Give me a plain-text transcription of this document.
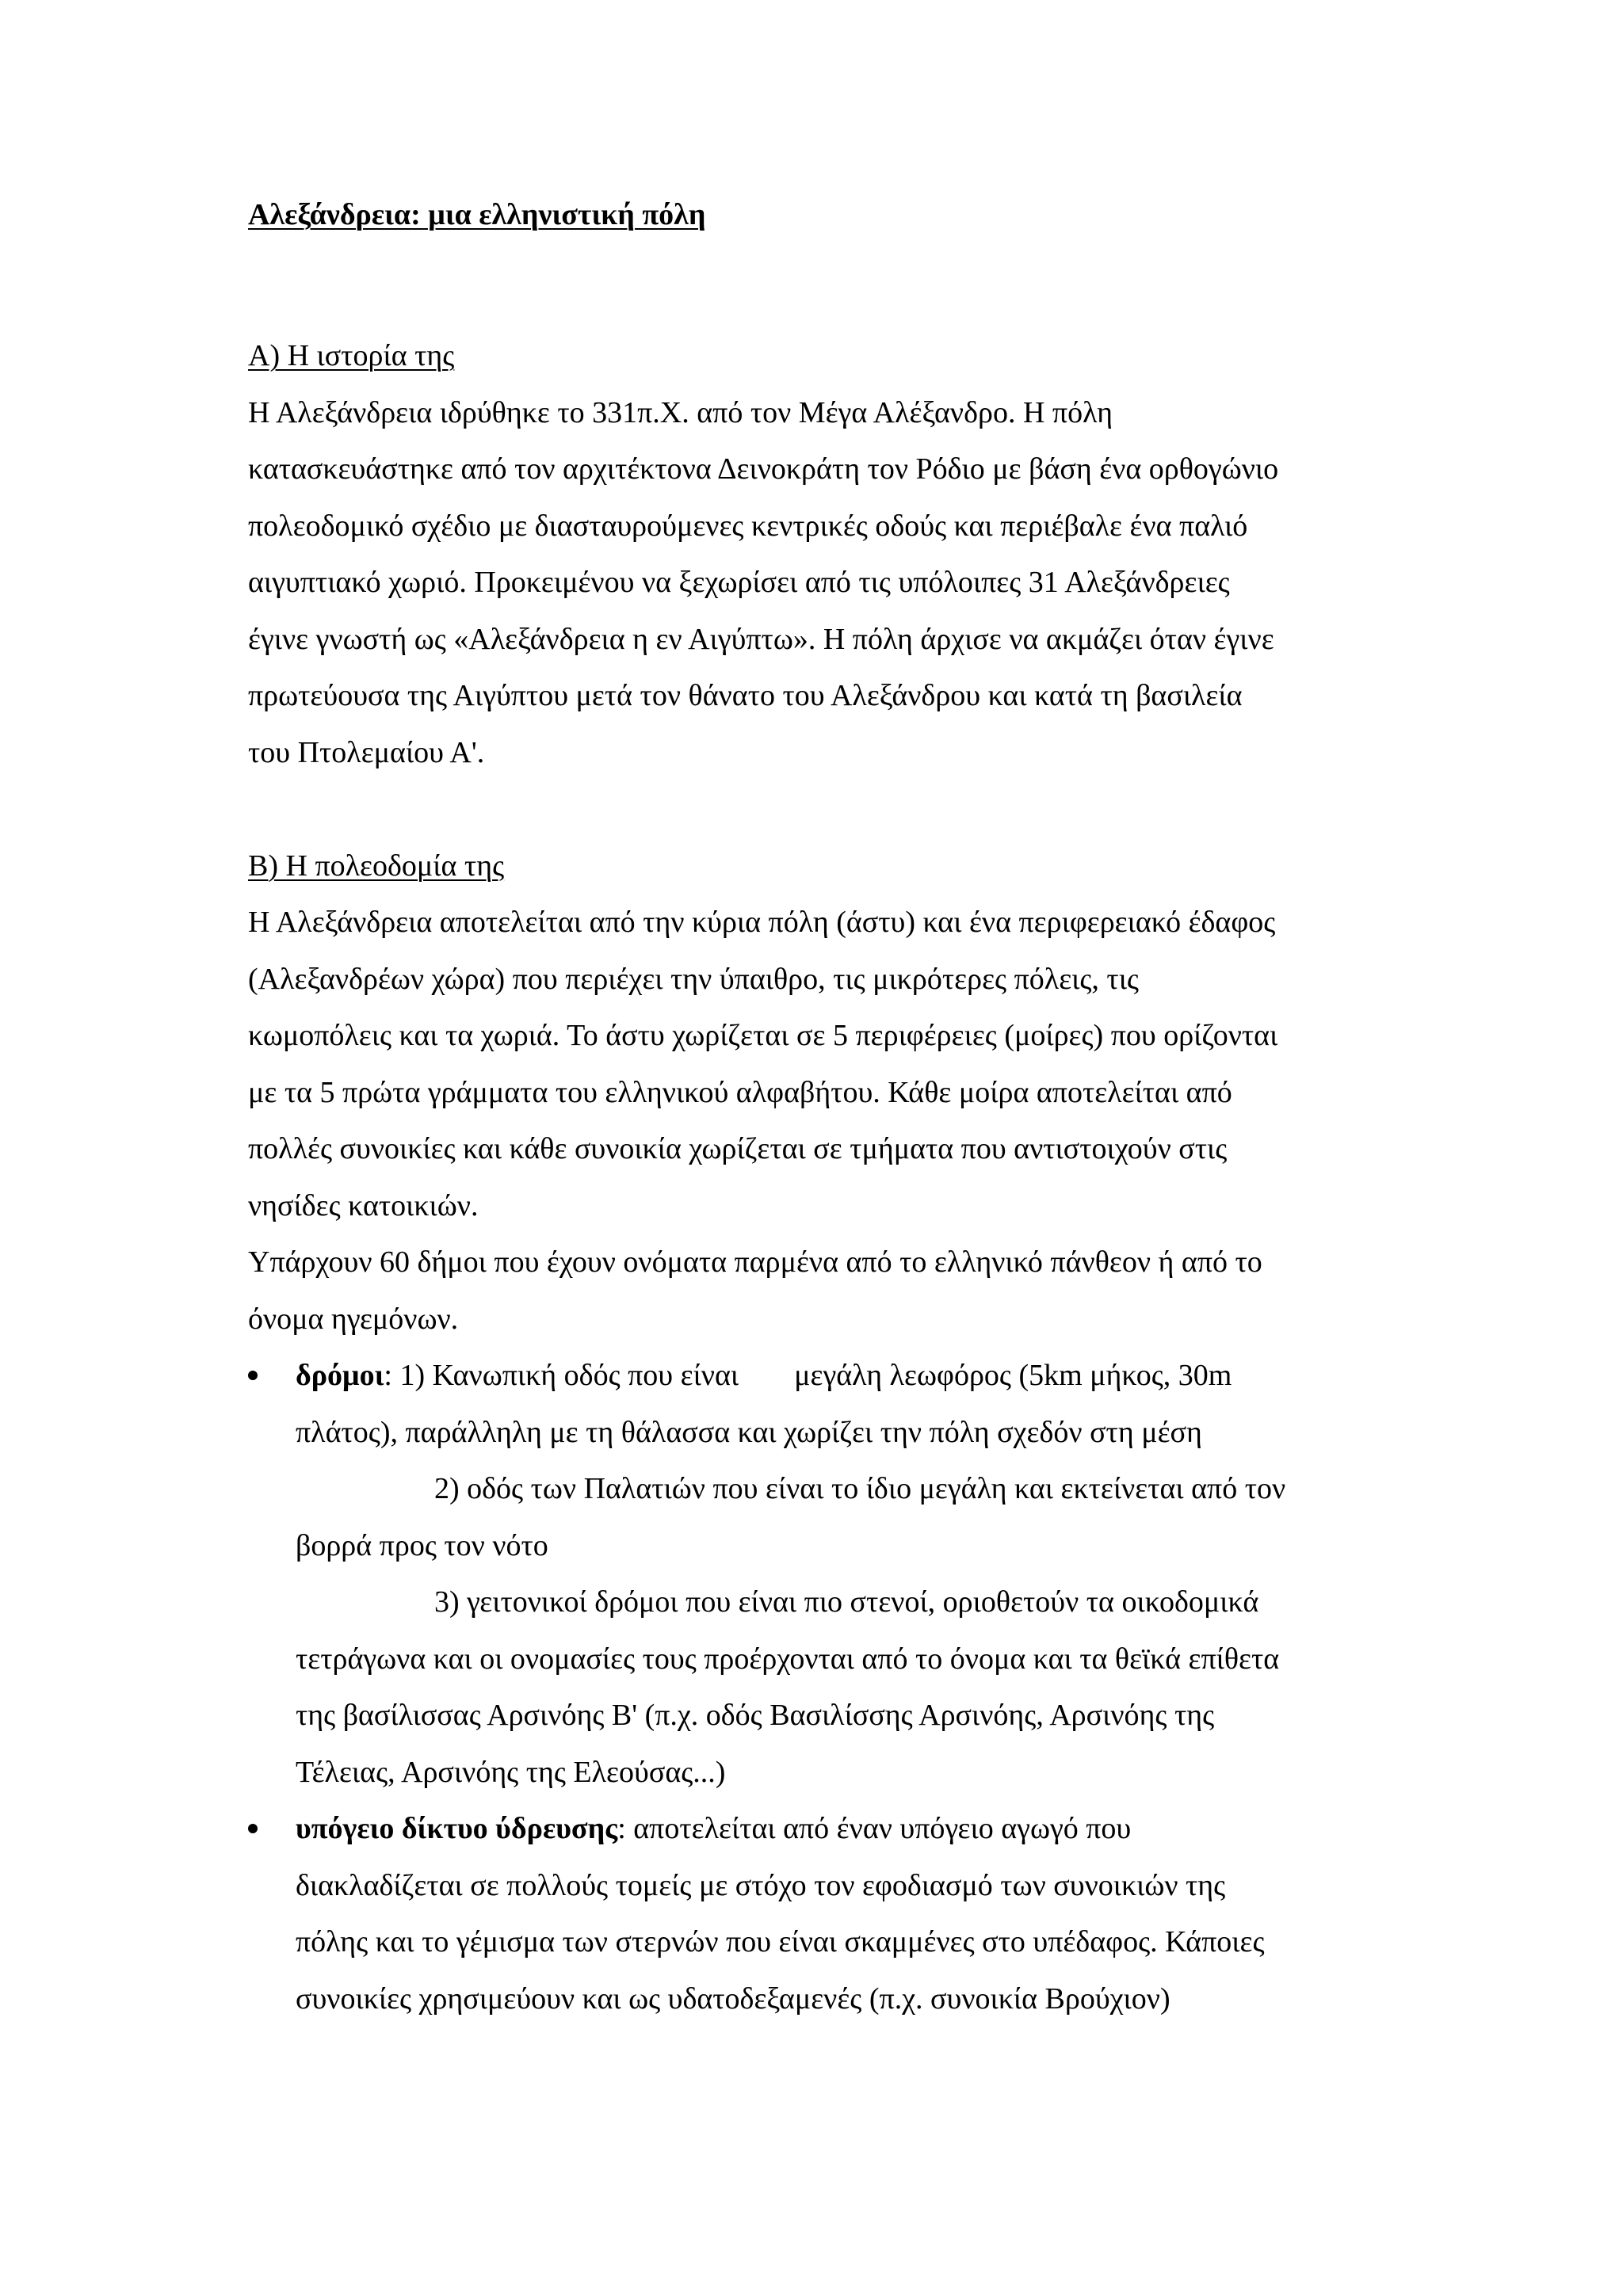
Αλεξάνδρεια: μια ελληνιστική πόλη
Α) Η ιστορία της
Η Αλεξάνδρεια ιδρύθηκε το 331π.Χ. από τον Μέγα Αλέξανδρο. Η πόλη
κατασκευάστηκε από τον αρχιτέκτονα Δεινοκράτη τον Ρόδιο με βάση ένα ορθογώνιο
πολεοδομικό σχέδιο με διασταυρούμενες κεντρικές οδούς και περιέβαλε ένα παλιό
αιγυπτιακό χωριό. Προκειμένου να ξεχωρίσει από τις υπόλοιπες 31 Αλεξάνδρειες
έγινε γνωστή ως «Αλεξάνδρεια η εν Αιγύπτω». Η πόλη άρχισε να ακμάζει όταν έγινε
πρωτεύουσα της Αιγύπτου μετά τον θάνατο του Αλεξάνδρου και κατά τη βασιλεία
του Πτολεμαίου Α'.
Β) Η πολεοδομία της
Η Αλεξάνδρεια αποτελείται από την κύρια πόλη (άστυ) και ένα περιφερειακό έδαφος
(Αλεξανδρέων χώρα) που περιέχει την ύπαιθρο, τις μικρότερες πόλεις, τις
κωμοπόλεις και τα χωριά. Το άστυ χωρίζεται σε 5 περιφέρειες (μοίρες) που ορίζονται
με τα 5 πρώτα γράμματα του ελληνικού αλφαβήτου. Κάθε μοίρα αποτελείται από
πολλές συνοικίες και κάθε συνοικία χωρίζεται σε τμήματα που αντιστοιχούν στις
νησίδες κατοικιών.
Υπάρχουν 60 δήμοι που έχουν ονόματα παρμένα από το ελληνικό πάνθεον ή από το
όνομα ηγεμόνων.
δρόμοι: 1) Κανωπική οδός που είναι μεγάλη λεωφόρος (5km μήκος, 30m
πλάτος), παράλληλη με τη θάλασσα και χωρίζει την πόλη σχεδόν στη μέση
2) οδός των Παλατιών που είναι το ίδιο μεγάλη και εκτείνεται από τον
βορρά προς τον νότο
3) γειτονικοί δρόμοι που είναι πιο στενοί, οριοθετούν τα οικοδομικά
τετράγωνα και οι ονομασίες τους προέρχονται από το όνομα και τα θεϊκά επίθετα
της βασίλισσας Αρσινόης Β' (π.χ. οδός Βασιλίσσης Αρσινόης, Αρσινόης της
Τέλειας, Αρσινόης της Ελεούσας...)
υπόγειο δίκτυο ύδρευσης: αποτελείται από έναν υπόγειο αγωγό που
διακλαδίζεται σε πολλούς τομείς με στόχο τον εφοδιασμό των συνοικιών της
πόλης και το γέμισμα των στερνών που είναι σκαμμένες στο υπέδαφος. Κάποιες
συνοικίες χρησιμεύουν και ως υδατοδεξαμενές (π.χ. συνοικία Βρούχιον)
